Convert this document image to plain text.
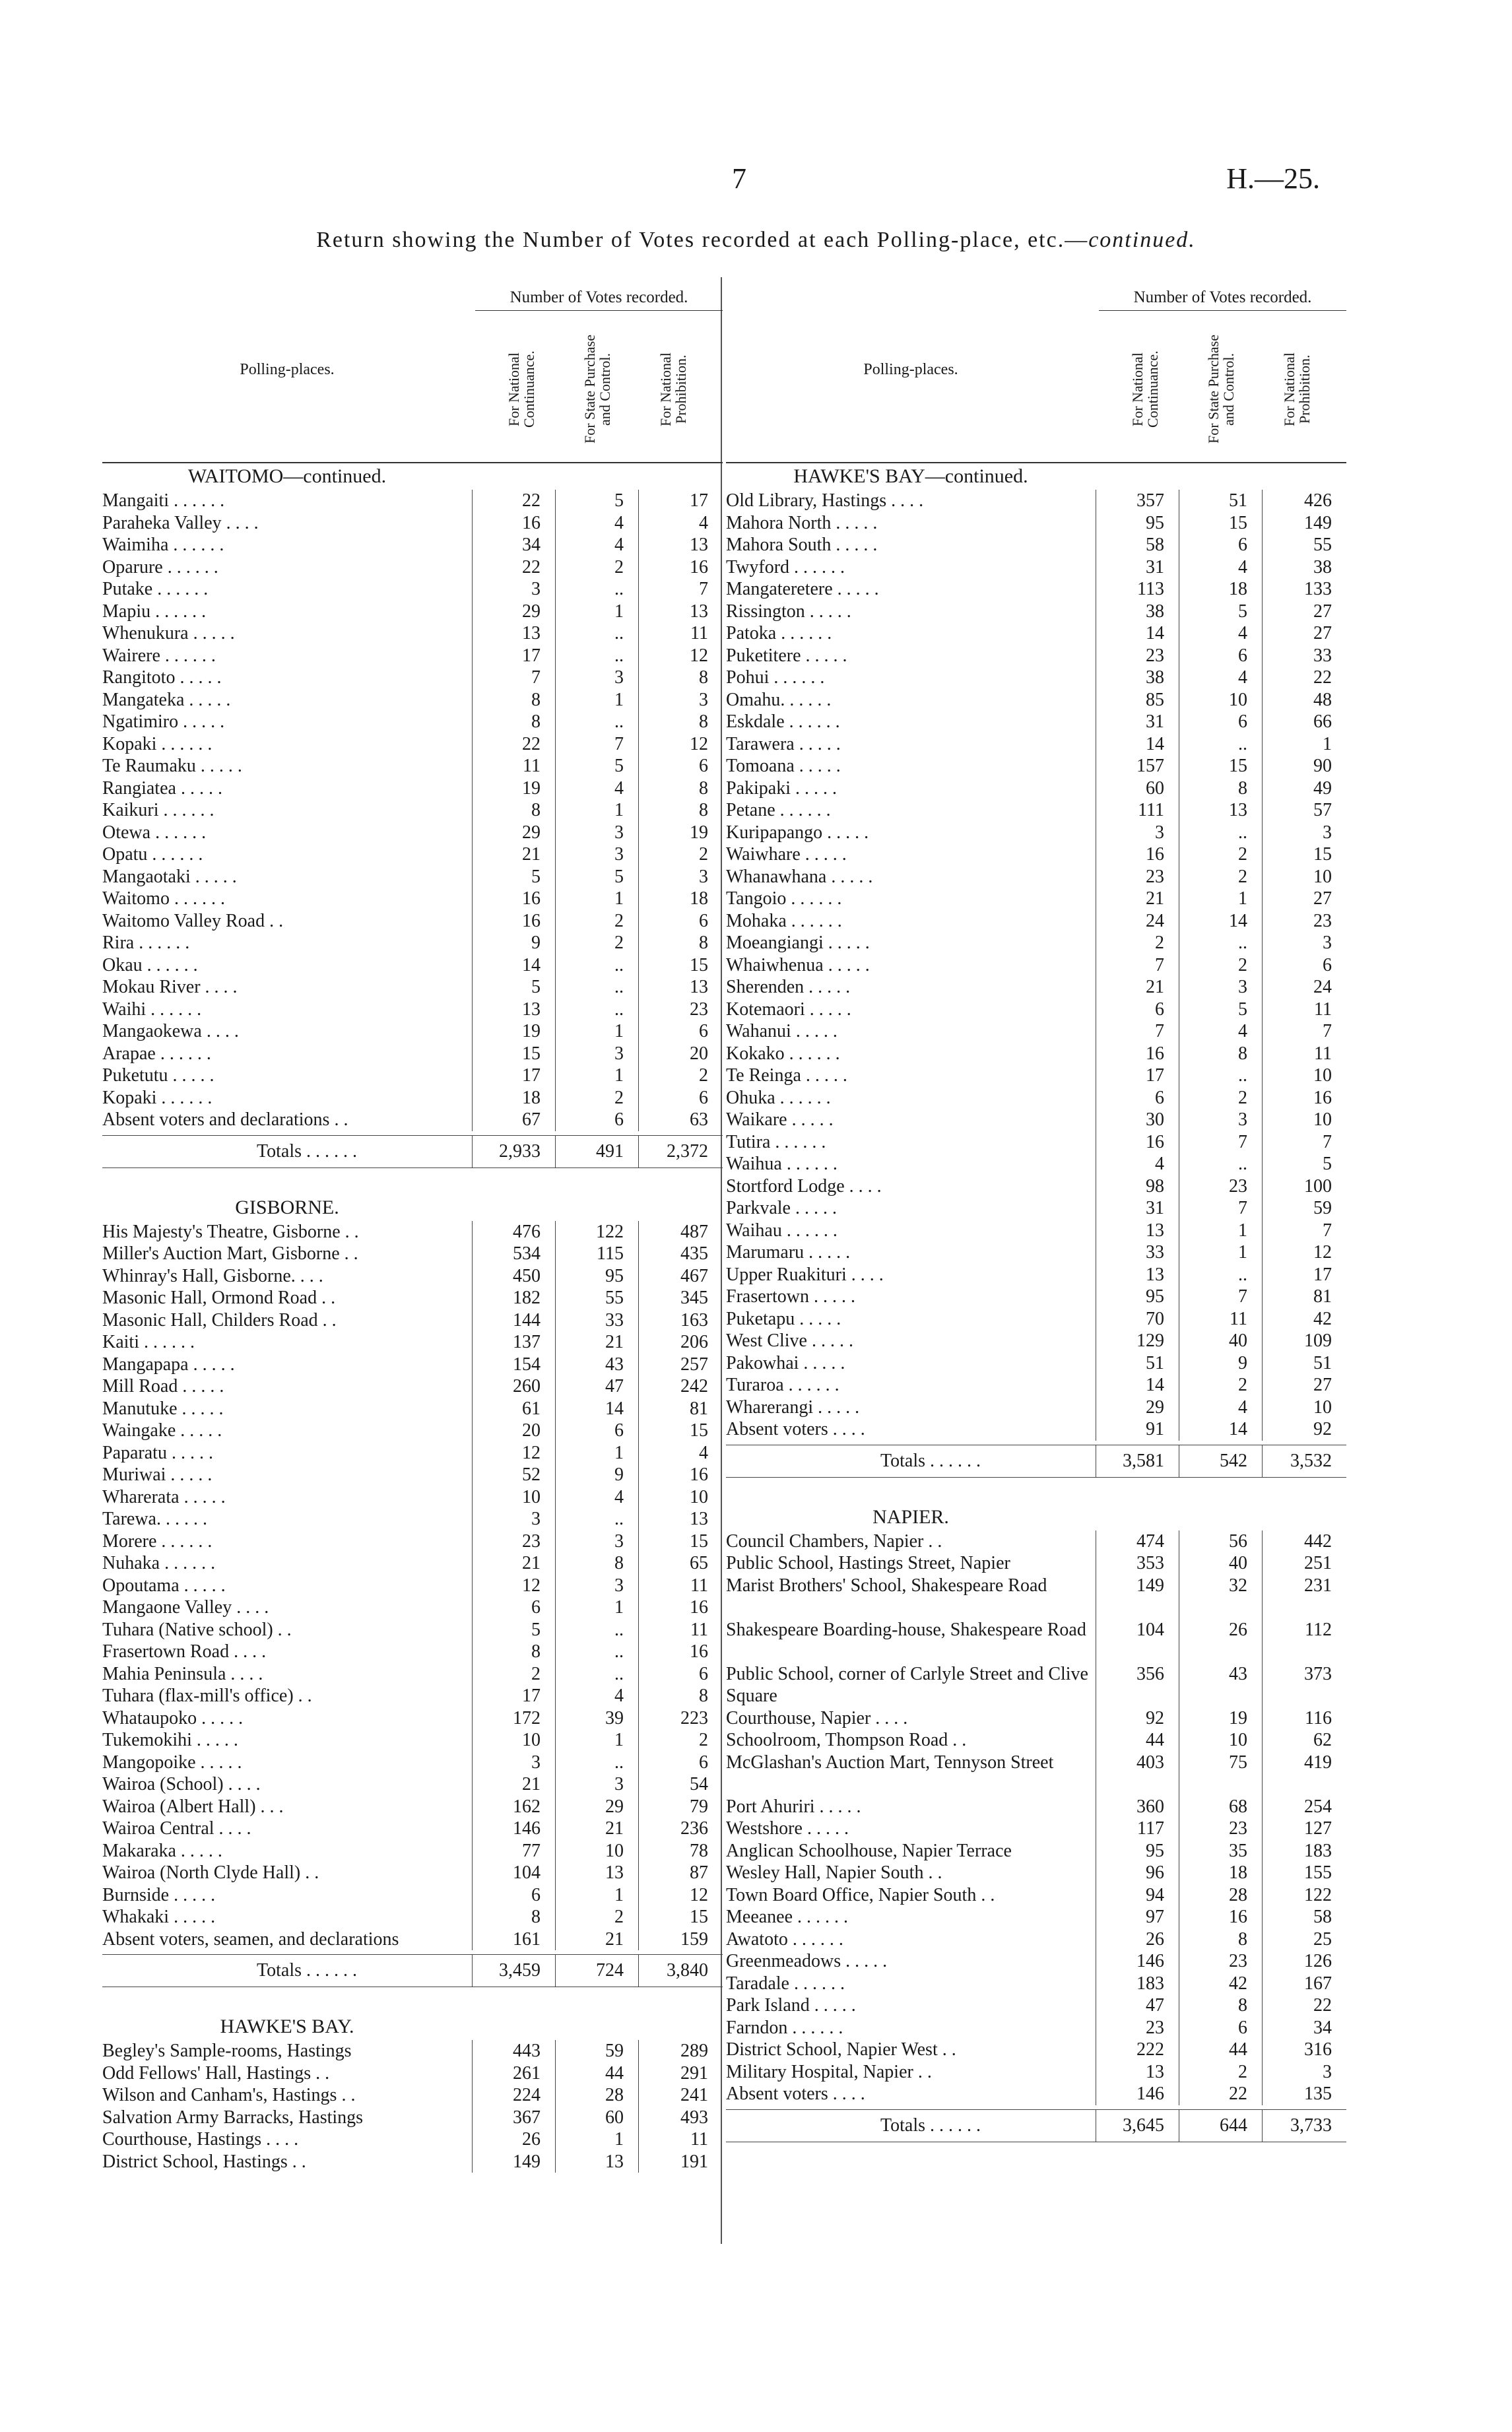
7	H.—25.
Return showing the Number of Votes recorded at each Polling-place, etc.—continued.
Polling-places.
Number of Votes recorded.
For National Continuance.	For State Purchase and Control.	For National Prohibition.
WAITOMO—continued.
Mangaiti . . . . . .	22	5	17
Paraheka Valley . . . .	16	4	4
Waimiha . . . . . .	34	4	13
Oparure . . . . . .	22	2	16
Putake . . . . . .	3	..	7
Mapiu . . . . . .	29	1	13
Whenukura . . . . .	13	..	11
Wairere . . . . . .	17	..	12
Rangitoto . . . . .	7	3	8
Mangateka . . . . .	8	1	3
Ngatimiro . . . . .	8	..	8
Kopaki . . . . . .	22	7	12
Te Raumaku . . . . .	11	5	6
Rangiatea . . . . .	19	4	8
Kaikuri . . . . . .	8	1	8
Otewa . . . . . .	29	3	19
Opatu . . . . . .	21	3	2
Mangaotaki . . . . .	5	5	3
Waitomo . . . . . .	16	1	18
Waitomo Valley Road . .	16	2	6
Rira . . . . . .	9	2	8
Okau . . . . . .	14	..	15
Mokau River . . . .	5	..	13
Waihi . . . . . .	13	..	23
Mangaokewa . . . .	19	1	6
Arapae . . . . . .	15	3	20
Puketutu . . . . .	17	1	2
Kopaki . . . . . .	18	2	6
Absent voters and declarations . .	67	6	63
Totals . . . . . .	2,933	491	2,372
GISBORNE.
His Majesty's Theatre, Gisborne . .	476	122	487
Miller's Auction Mart, Gisborne . .	534	115	435
Whinray's Hall, Gisborne. . . .	450	95	467
Masonic Hall, Ormond Road . .	182	55	345
Masonic Hall, Childers Road . .	144	33	163
Kaiti . . . . . .	137	21	206
Mangapapa . . . . .	154	43	257
Mill Road . . . . .	260	47	242
Manutuke . . . . .	61	14	81
Waingake . . . . .	20	6	15
Paparatu . . . . .	12	1	4
Muriwai . . . . .	52	9	16
Wharerata . . . . .	10	4	10
Tarewa. . . . . .	3	..	13
Morere . . . . . .	23	3	15
Nuhaka . . . . . .	21	8	65
Opoutama . . . . .	12	3	11
Mangaone Valley . . . .	6	1	16
Tuhara (Native school) . .	5	..	11
Frasertown Road . . . .	8	..	16
Mahia Peninsula . . . .	2	..	6
Tuhara (flax-mill's office) . .	17	4	8
Whataupoko . . . . .	172	39	223
Tukemokihi . . . . .	10	1	2
Mangopoike . . . . .	3	..	6
Wairoa (School) . . . .	21	3	54
Wairoa (Albert Hall) . . .	162	29	79
Wairoa Central . . . .	146	21	236
Makaraka . . . . .	77	10	78
Wairoa (North Clyde Hall) . .	104	13	87
Burnside . . . . .	6	1	12
Whakaki . . . . .	8	2	15
Absent voters, seamen, and declarations	161	21	159
Totals . . . . . .	3,459	724	3,840
HAWKE'S BAY.
Begley's Sample-rooms, Hastings	443	59	289
Odd Fellows' Hall, Hastings . .	261	44	291
Wilson and Canham's, Hastings . .	224	28	241
Salvation Army Barracks, Hastings	367	60	493
Courthouse, Hastings . . . .	26	1	11
District School, Hastings . .	149	13	191
Polling-places.
Number of Votes recorded.
For National Continuance.	For State Purchase and Control.	For National Prohibition.
HAWKE'S BAY—continued.
Old Library, Hastings . . . .	357	51	426
Mahora North . . . . .	95	15	149
Mahora South . . . . .	58	6	55
Twyford . . . . . .	31	4	38
Mangateretere . . . . .	113	18	133
Rissington . . . . .	38	5	27
Patoka . . . . . .	14	4	27
Puketitere . . . . .	23	6	33
Pohui . . . . . .	38	4	22
Omahu. . . . . .	85	10	48
Eskdale . . . . . .	31	6	66
Tarawera . . . . .	14	..	1
Tomoana . . . . .	157	15	90
Pakipaki . . . . .	60	8	49
Petane . . . . . .	111	13	57
Kuripapango . . . . .	3	..	3
Waiwhare . . . . .	16	2	15
Whanawhana . . . . .	23	2	10
Tangoio . . . . . .	21	1	27
Mohaka . . . . . .	24	14	23
Moeangiangi . . . . .	2	..	3
Whaiwhenua . . . . .	7	2	6
Sherenden . . . . .	21	3	24
Kotemaori . . . . .	6	5	11
Wahanui . . . . .	7	4	7
Kokako . . . . . .	16	8	11
Te Reinga . . . . .	17	..	10
Ohuka . . . . . .	6	2	16
Waikare . . . . .	30	3	10
Tutira . . . . . .	16	7	7
Waihua . . . . . .	4	..	5
Stortford Lodge . . . .	98	23	100
Parkvale . . . . .	31	7	59
Waihau . . . . . .	13	1	7
Marumaru . . . . .	33	1	12
Upper Ruakituri . . . .	13	..	17
Frasertown . . . . .	95	7	81
Puketapu . . . . .	70	11	42
West Clive . . . . .	129	40	109
Pakowhai . . . . .	51	9	51
Turaroa . . . . . .	14	2	27
Wharerangi . . . . .	29	4	10
Absent voters . . . .	91	14	92
Totals . . . . . .	3,581	542	3,532
NAPIER.
Council Chambers, Napier . .	474	56	442
Public School, Hastings Street, Napier	353	40	251
Marist Brothers' School, Shakespeare Road	149	32	231
Shakespeare Boarding-house, Shakespeare Road	104	26	112
Public School, corner of Carlyle Street and Clive Square
356	43	373
Courthouse, Napier . . . .	92	19	116
Schoolroom, Thompson Road . .	44	10	62
McGlashan's Auction Mart, Tennyson Street	403	75	419
Port Ahuriri . . . . .	360	68	254
Westshore . . . . .	117	23	127
Anglican Schoolhouse, Napier Terrace	95	35	183
Wesley Hall, Napier South . .	96	18	155
Town Board Office, Napier South . .	94	28	122
Meeanee . . . . . .	97	16	58
Awatoto . . . . . .	26	8	25
Greenmeadows . . . . .	146	23	126
Taradale . . . . . .	183	42	167
Park Island . . . . .	47	8	22
Farndon . . . . . .	23	6	34
District School, Napier West . .	222	44	316
Military Hospital, Napier . .	13	2	3
Absent voters . . . .	146	22	135
Totals . . . . . .	3,645	644	3,733
